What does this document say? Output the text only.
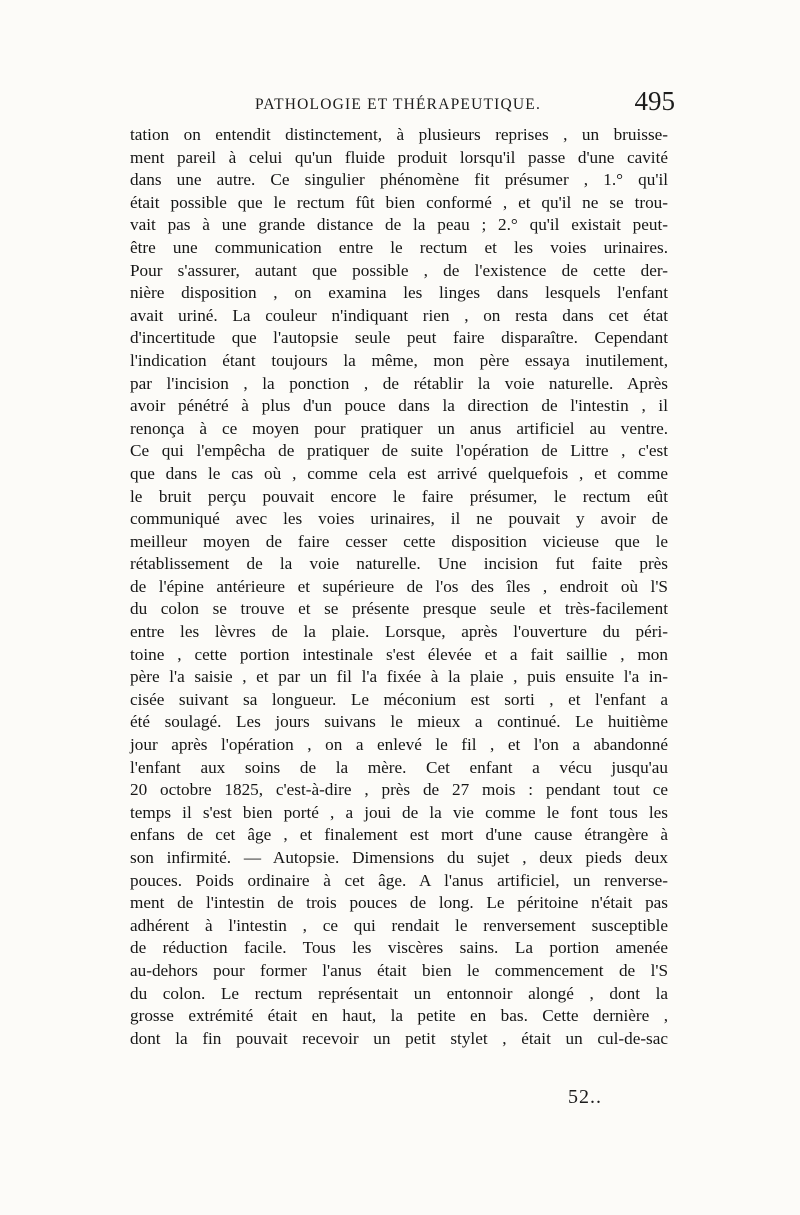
PATHOLOGIE ET THÉRAPEUTIQUE.	495
tation on entendit distinctement, à plusieurs reprises , un bruisse-
ment pareil à celui qu'un fluide produit lorsqu'il passe d'une cavité
dans une autre. Ce singulier phénomène fit présumer , 1.° qu'il
était possible que le rectum fût bien conformé , et qu'il ne se trou-
vait pas à une grande distance de la peau ; 2.° qu'il existait peut-
être une communication entre le rectum et les voies urinaires.
Pour s'assurer, autant que possible , de l'existence de cette der-
nière disposition , on examina les linges dans lesquels l'enfant
avait uriné. La couleur n'indiquant rien , on resta dans cet état
d'incertitude que l'autopsie seule peut faire disparaître. Cependant
l'indication étant toujours la même, mon père essaya inutilement,
par l'incision , la ponction , de rétablir la voie naturelle. Après
avoir pénétré à plus d'un pouce dans la direction de l'intestin , il
renonça à ce moyen pour pratiquer un anus artificiel au ventre.
Ce qui l'empêcha de pratiquer de suite l'opération de Littre , c'est
que dans le cas où , comme cela est arrivé quelquefois , et comme
le bruit perçu pouvait encore le faire présumer, le rectum eût
communiqué avec les voies urinaires, il ne pouvait y avoir de
meilleur moyen de faire cesser cette disposition vicieuse que le
rétablissement de la voie naturelle. Une incision fut faite près
de l'épine antérieure et supérieure de l'os des îles , endroit où l'S
du colon se trouve et se présente presque seule et très-facilement
entre les lèvres de la plaie. Lorsque, après l'ouverture du péri-
toine , cette portion intestinale s'est élevée et a fait saillie , mon
père l'a saisie , et par un fil l'a fixée à la plaie , puis ensuite l'a in-
cisée suivant sa longueur. Le méconium est sorti , et l'enfant a
été soulagé. Les jours suivans le mieux a continué. Le huitième
jour après l'opération , on a enlevé le fil , et l'on a abandonné
l'enfant aux soins de la mère. Cet enfant a vécu jusqu'au
20 octobre 1825, c'est-à-dire , près de 27 mois : pendant tout ce
temps il s'est bien porté , a joui de la vie comme le font tous les
enfans de cet âge , et finalement est mort d'une cause étrangère à
son infirmité. — Autopsie. Dimensions du sujet , deux pieds deux
pouces. Poids ordinaire à cet âge. A l'anus artificiel, un renverse-
ment de l'intestin de trois pouces de long. Le péritoine n'était pas
adhérent à l'intestin , ce qui rendait le renversement susceptible
de réduction facile. Tous les viscères sains. La portion amenée
au-dehors pour former l'anus était bien le commencement de l'S
du colon. Le rectum représentait un entonnoir alongé , dont la
grosse extrémité était en haut, la petite en bas. Cette dernière ,
dont la fin pouvait recevoir un petit stylet , était un cul-de-sac
52..
